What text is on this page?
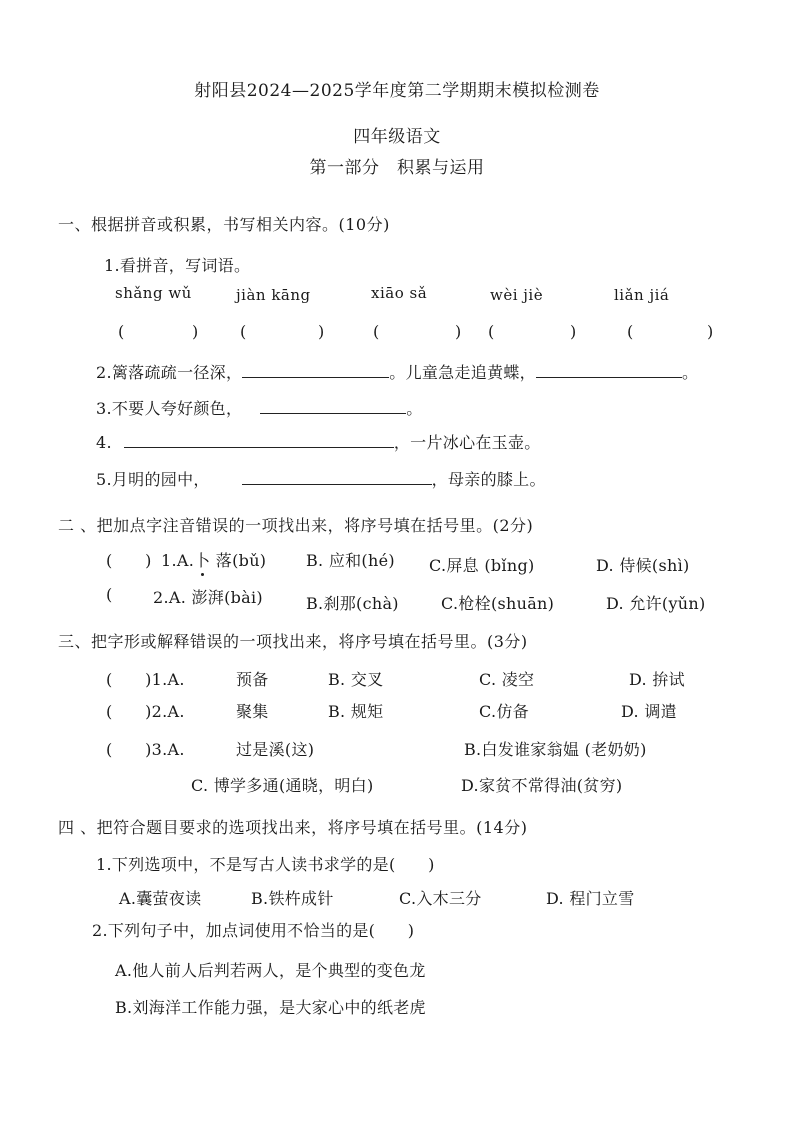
射阳县2024—2025学年度第二学期期末模拟检测卷
四年级语文
第一部分　积累与运用
一、根据拼音或积累，书写相关内容。(10分)
1.看拼音，写词语。
shǎng wǔ	jiàn kāng	xiāo sǎ	wèi jiè	liǎn jiá
(	)	(	)	(	) (	)	(	)
2.篱落疏疏一径深，	。儿童急走追黄蝶，	。
3.不要人夸好颜色，	。
4.	，一片冰心在玉壶。
5.月明的园中，	，母亲的膝上。
二 、把加点字注音错误的一项找出来，将序号填在括号里。(2分)
(　　) 1.A.卜 落(bǔ) B. 应和(hé) C.屏息 (bǐng)	D. 侍候(shì)
(	2.A. 澎湃(bài)	B.刹那(chà)	C.枪栓(shuān)	D. 允许(yǔn)
三、把字形或解释错误的一项找出来，将序号填在括号里。(3分)
(　　)1.A.	预备	B. 交叉	C. 凌空	D. 拚试
(　　)2.A.	聚集	B. 规矩	C.仿备	D. 调遣
(　　)3.A.	过是溪(这)	B.白发谁家翁媪 (老奶奶)
C. 博学多通(通晓，明白)	D.家贫不常得油(贫穷)
四 、把符合题目要求的选项找出来，将序号填在括号里。(14分)
1.下列选项中，不是写古人读书求学的是(　　)
A.囊萤夜读	B.铁杵成针	C.入木三分	D. 程门立雪
2.下列句子中，加点词使用不恰当的是(　　)
A.他人前人后判若两人，是个典型的变色龙
B.刘海洋工作能力强，是大家心中的纸老虎
